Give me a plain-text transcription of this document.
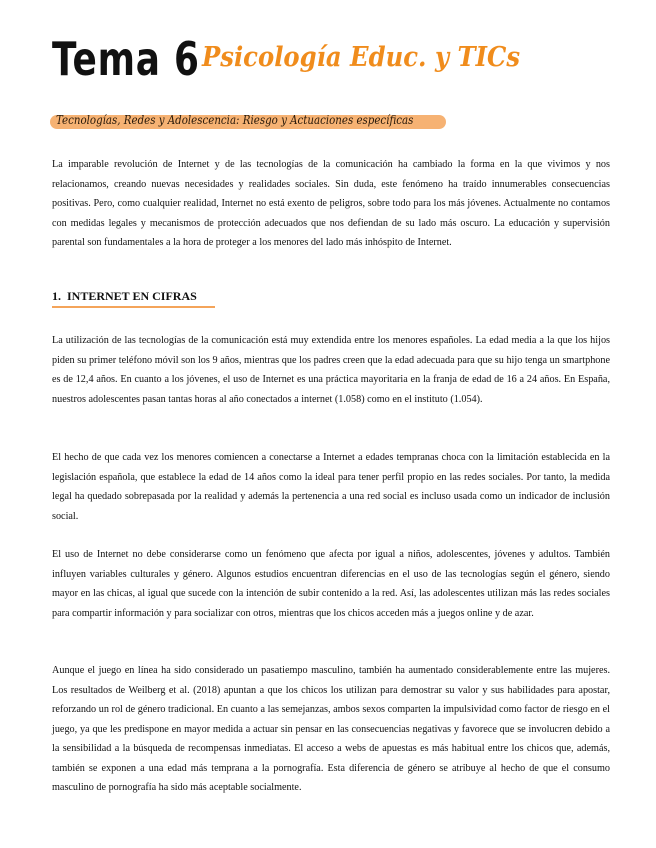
Tema 6 Psicología Educ. y TICs
Tecnologías, Redes y Adolescencia: Riesgo y Actuaciones específicas
La imparable revolución de Internet y de las tecnologías de la comunicación ha cambiado la forma en la que vivimos y nos relacionamos, creando nuevas necesidades y realidades sociales. Sin duda, este fenómeno ha traído innumerables consecuencias positivas. Pero, como cualquier realidad, Internet no está exento de peligros, sobre todo para los más jóvenes. Actualmente no contamos con medidas legales y mecanismos de protección adecuados que nos defiendan de su lado más oscuro. La educación y supervisión parental son fundamentales a la hora de proteger a los menores del lado más inhóspito de Internet.
1. INTERNET EN CIFRAS
La utilización de las tecnologías de la comunicación está muy extendida entre los menores españoles. La edad media a la que los hijos piden su primer teléfono móvil son los 9 años, mientras que los padres creen que la edad adecuada para que su hijo tenga un smartphone es de 12,4 años. En cuanto a los jóvenes, el uso de Internet es una práctica mayoritaria en la franja de edad de 16 a 24 años. En España, nuestros adolescentes pasan tantas horas al año conectados a internet (1.058) como en el instituto (1.054).
El hecho de que cada vez los menores comiencen a conectarse a Internet a edades tempranas choca con la limitación establecida en la legislación española, que establece la edad de 14 años como la ideal para tener perfil propio en las redes sociales. Por tanto, la medida legal ha quedado sobrepasada por la realidad y además la pertenencia a una red social es incluso usada como un indicador de inclusión social.
El uso de Internet no debe considerarse como un fenómeno que afecta por igual a niños, adolescentes, jóvenes y adultos. También influyen variables culturales y género. Algunos estudios encuentran diferencias en el uso de las tecnologías según el género, siendo mayor en las chicas, al igual que sucede con la intención de subir contenido a la red. Así, las adolescentes utilizan más las redes sociales para compartir información y para socializar con otros, mientras que los chicos acceden más a juegos online y de azar.
Aunque el juego en línea ha sido considerado un pasatiempo masculino, también ha aumentado considerablemente entre las mujeres. Los resultados de Weilberg et al. (2018) apuntan a que los chicos los utilizan para demostrar su valor y sus habilidades para apostar, reforzando un rol de género tradicional. En cuanto a las semejanzas, ambos sexos comparten la impulsividad como factor de riesgo en el juego, ya que les predispone en mayor medida a actuar sin pensar en las consecuencias negativas y favorece que se involucren debido a la sensibilidad a la búsqueda de recompensas inmediatas. El acceso a webs de apuestas es más habitual entre los chicos que, además, también se exponen a una edad más temprana a la pornografía. Esta diferencia de género se atribuye al hecho de que el consumo masculino de pornografía ha sido más aceptable socialmente.
